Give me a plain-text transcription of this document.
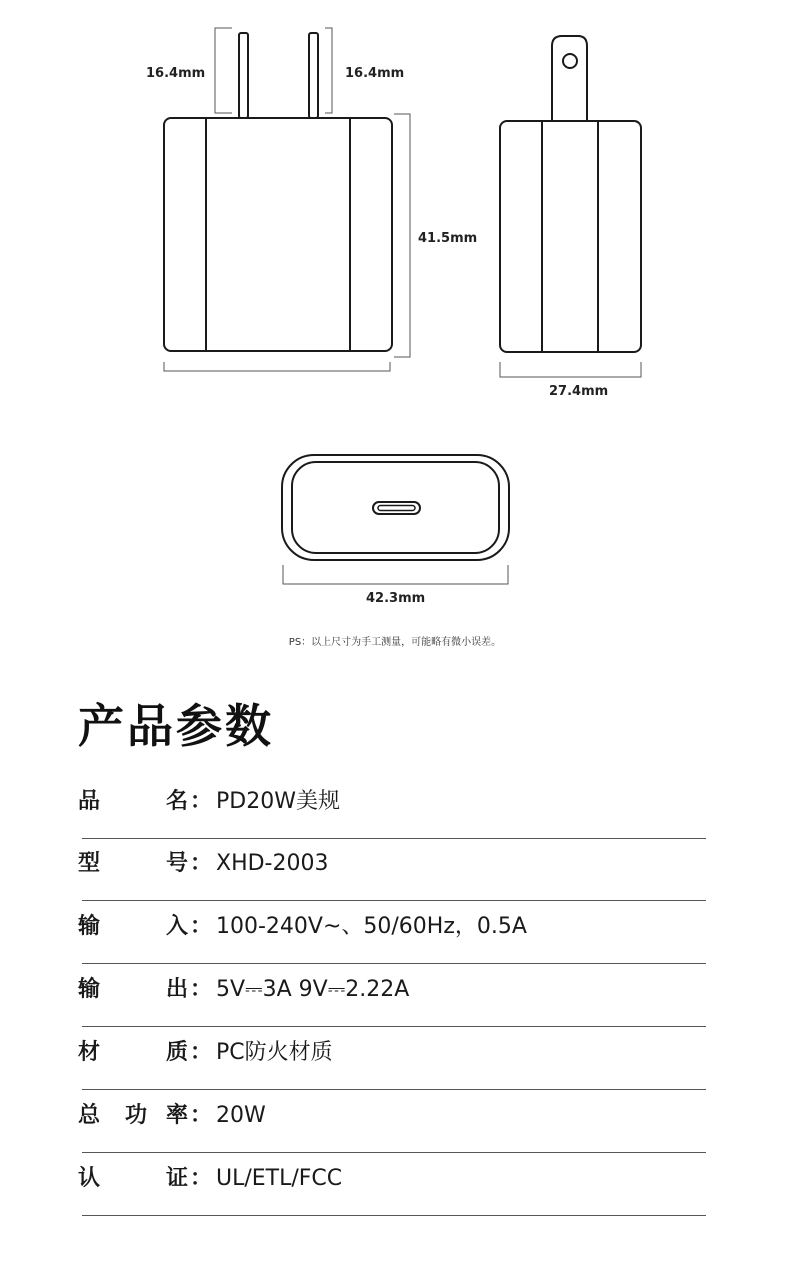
16.4mm	16.4mm
41.5mm
27.4mm
42.3mm
PS：以上尺寸为手工测量，可能略有微小误差。
产品参数
品	名 ： PD20W美规
型	号 ： XHD-2003
输	入 ： 100-240V~、50/60Hz，0.5A
输	出 ： 5V⎓3A 9V⎓2.22A
材	质 ： PC防火材质
总 功 率 ： 20W
认	证 ： UL/ETL/FCC
